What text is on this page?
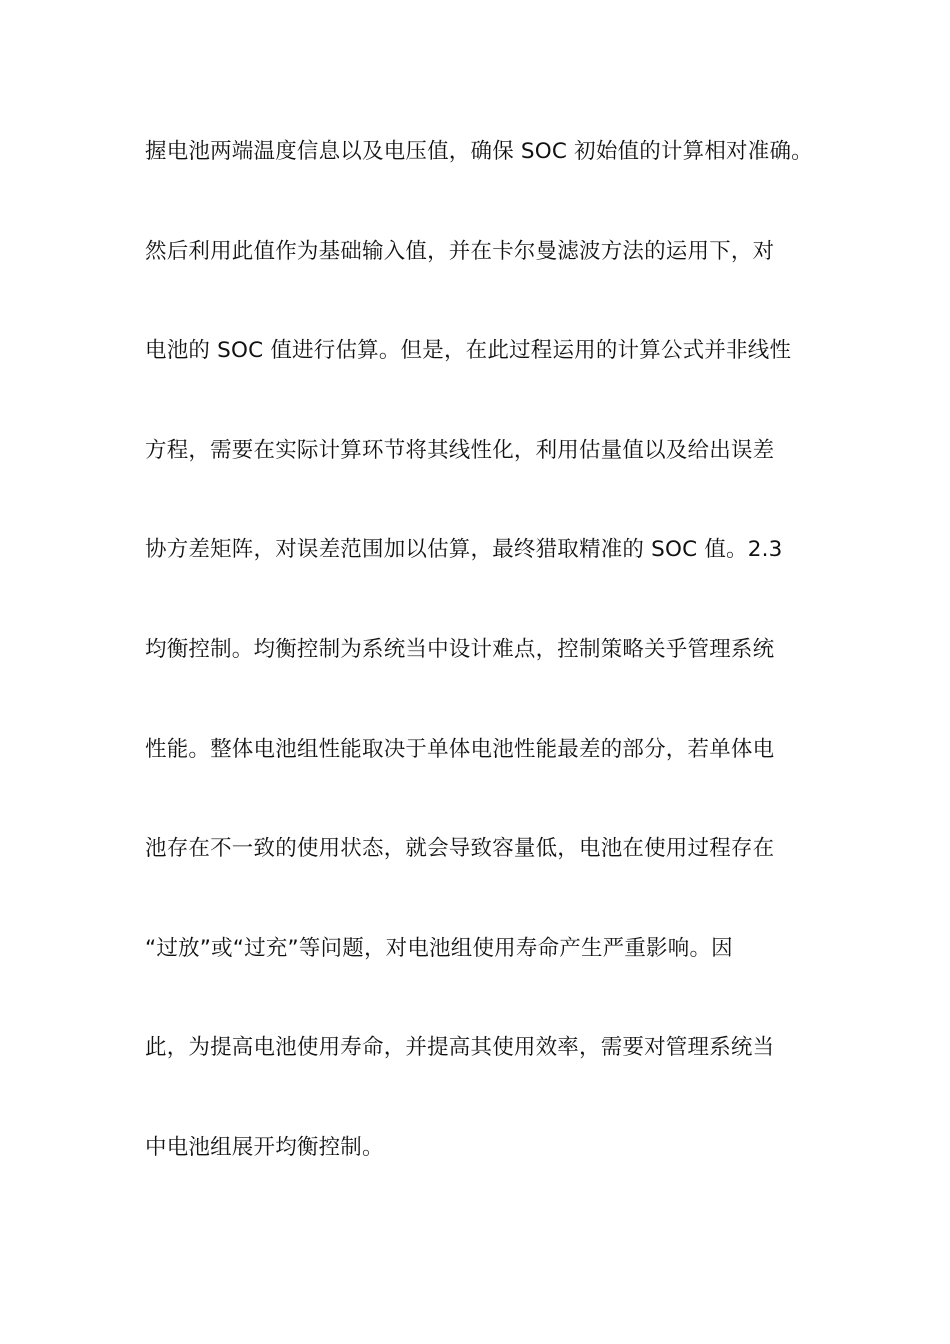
握电池两端温度信息以及电压值，确保 SOC 初始值的计算相对准确。
然后利用此值作为基础输入值，并在卡尔曼滤波方法的运用下，对
电池的 SOC 值进行估算。但是，在此过程运用的计算公式并非线性
方程，需要在实际计算环节将其线性化，利用估量值以及给出误差
协方差矩阵，对误差范围加以估算，最终猎取精准的 SOC 值。2.3
均衡控制。均衡控制为系统当中设计难点，控制策略关乎管理系统
性能。整体电池组性能取决于单体电池性能最差的部分，若单体电
池存在不一致的使用状态，就会导致容量低，电池在使用过程存在
“过放”或“过充”等问题，对电池组使用寿命产生严重影响。因
此，为提高电池使用寿命，并提高其使用效率，需要对管理系统当
中电池组展开均衡控制。
